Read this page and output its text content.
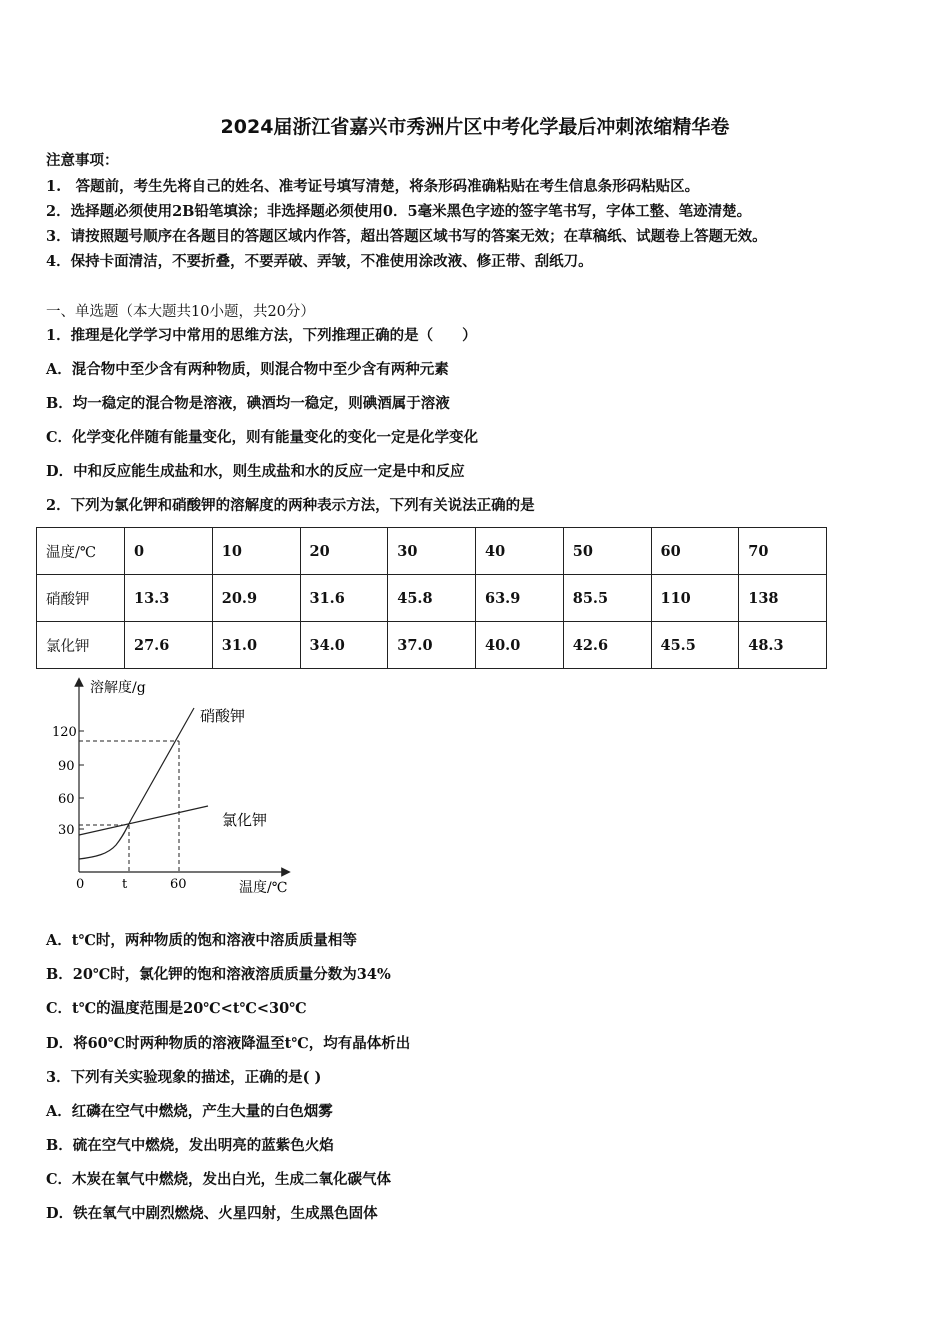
2024届浙江省嘉兴市秀洲片区中考化学最后冲刺浓缩精华卷
注意事项：
1.　答题前，考生先将自己的姓名、准考证号填写清楚，将条形码准确粘贴在考生信息条形码粘贴区。
2．选择题必须使用2B铅笔填涂；非选择题必须使用0．5毫米黑色字迹的签字笔书写，字体工整、笔迹清楚。
3．请按照题号顺序在各题目的答题区域内作答，超出答题区域书写的答案无效；在草稿纸、试题卷上答题无效。
4．保持卡面清洁，不要折叠，不要弄破、弄皱，不准使用涂改液、修正带、刮纸刀。
一、单选题（本大题共10小题，共20分）
1．推理是化学学习中常用的思维方法，下列推理正确的是（　　）
A．混合物中至少含有两种物质，则混合物中至少含有两种元素
B．均一稳定的混合物是溶液，碘酒均一稳定，则碘酒属于溶液
C．化学变化伴随有能量变化，则有能量变化的变化一定是化学变化
D．中和反应能生成盐和水，则生成盐和水的反应一定是中和反应
2．下列为氯化钾和硝酸钾的溶解度的两种表示方法，下列有关说法正确的是
温度/℃	0	10	20	30	40	50	60	70
硝酸钾	13.3	20.9	31.6	45.8	63.9	85.5	110	138
氯化钾	27.6	31.0	34.0	37.0	40.0	42.6	45.5	48.3
120
90
60
30
溶解度/g
温度/℃
0	t	60
硝酸钾
氯化钾
A．t℃时，两种物质的饱和溶液中溶质质量相等
B．20℃时，氯化钾的饱和溶液溶质质量分数为34%
C．t℃的温度范围是20℃<t℃<30℃
D．将60℃时两种物质的溶液降温至t℃，均有晶体析出
3．下列有关实验现象的描述，正确的是( )
A．红磷在空气中燃烧，产生大量的白色烟雾
B．硫在空气中燃烧，发出明亮的蓝紫色火焰
C．木炭在氧气中燃烧，发出白光，生成二氧化碳气体
D．铁在氧气中剧烈燃烧、火星四射，生成黑色固体
